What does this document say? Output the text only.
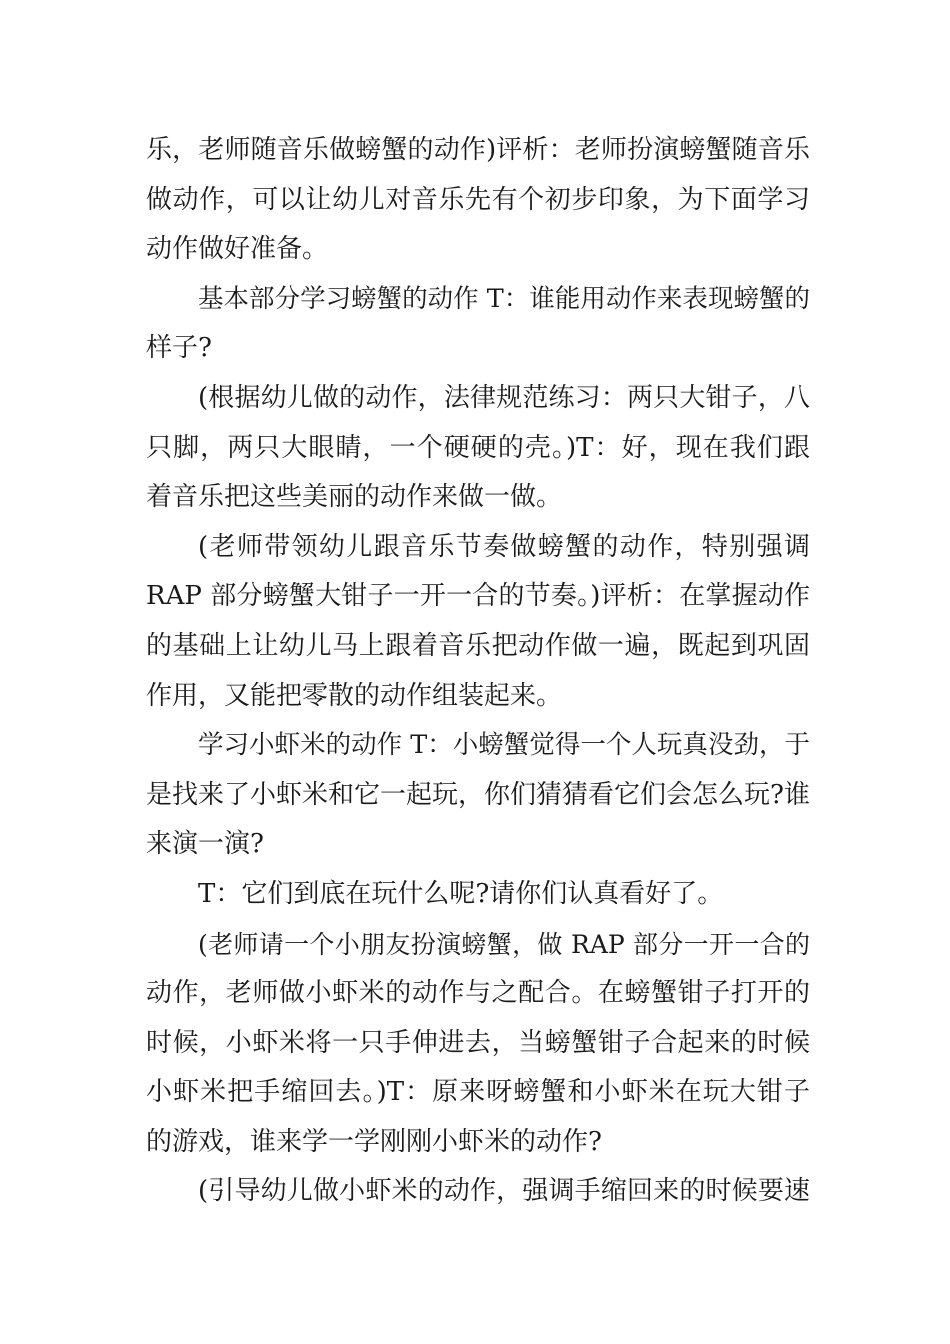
乐，老师随音乐做螃蟹的动作)评析：老师扮演螃蟹随音乐
做动作，可以让幼儿对音乐先有个初步印象，为下面学习
动作做好准备。
基本部分学习螃蟹的动作 T：谁能用动作来表现螃蟹的
样子?
(根据幼儿做的动作，法律规范练习：两只大钳子，八
只脚，两只大眼睛，一个硬硬的壳。)T：好，现在我们跟
着音乐把这些美丽的动作来做一做。
(老师带领幼儿跟音乐节奏做螃蟹的动作，特别强调
RAP 部分螃蟹大钳子一开一合的节奏。)评析：在掌握动作
的基础上让幼儿马上跟着音乐把动作做一遍，既起到巩固
作用，又能把零散的动作组装起来。
学习小虾米的动作 T：小螃蟹觉得一个人玩真没劲，于
是找来了小虾米和它一起玩，你们猜猜看它们会怎么玩?谁
来演一演?
T：它们到底在玩什么呢?请你们认真看好了。
(老师请一个小朋友扮演螃蟹，做 RAP 部分一开一合的
动作，老师做小虾米的动作与之配合。在螃蟹钳子打开的
时候，小虾米将一只手伸进去，当螃蟹钳子合起来的时候
小虾米把手缩回去。)T：原来呀螃蟹和小虾米在玩大钳子
的游戏，谁来学一学刚刚小虾米的动作?
(引导幼儿做小虾米的动作，强调手缩回来的时候要速
